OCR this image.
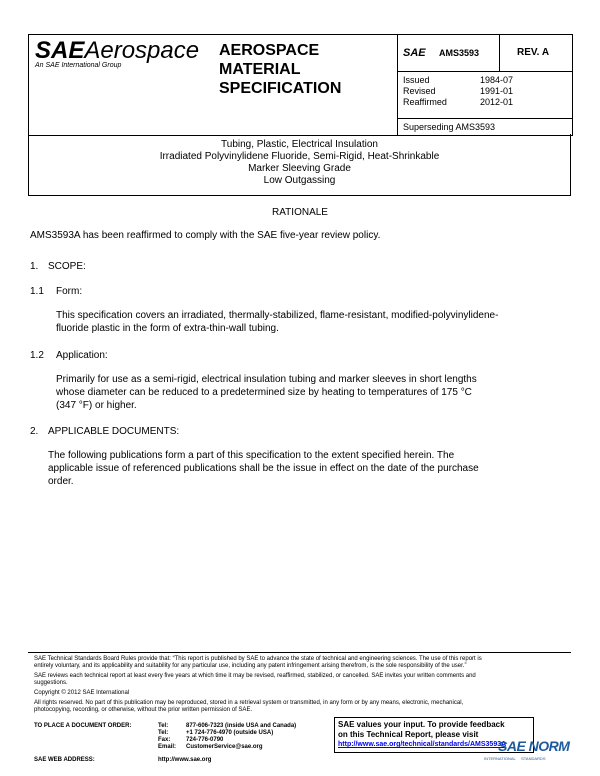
SAEAerospace
An SAE International Group
AEROSPACE
MATERIAL
SPECIFICATION
SAE AMS3593	REV. A
Issued	1984-07
Revised	1991-01
Reaffirmed	2012-01
Superseding AMS3593
Tubing, Plastic, Electrical Insulation
Irradiated Polyvinylidene Fluoride, Semi-Rigid, Heat-Shrinkable
Marker Sleeving Grade
Low Outgassing
RATIONALE
AMS3593A has been reaffirmed to comply with the SAE five-year review policy.
1. SCOPE:
1.1 Form:
This specification covers an irradiated, thermally-stabilized, flame-resistant, modified-polyvinylidene-
fluoride plastic in the form of extra-thin-wall tubing.
1.2 Application:
Primarily for use as a semi-rigid, electrical insulation tubing and marker sleeves in short lengths
whose diameter can be reduced to a predetermined size by heating to temperatures of 175 °C
(347 °F) or higher.
2. APPLICABLE DOCUMENTS:
The following publications form a part of this specification to the extent specified herein. The
applicable issue of referenced publications shall be the issue in effect on the date of the purchase
order.
SAE Technical Standards Board Rules provide that: “This report is published by SAE to advance the state of technical and engineering sciences. The use of this report is
entirely voluntary, and its applicability and suitability for any particular use, including any patent infringement arising therefrom, is the sole responsibility of the user.”
SAE reviews each technical report at least every five years at which time it may be revised, reaffirmed, stabilized, or cancelled. SAE invites your written comments and
suggestions.
Copyright © 2012 SAE International
All rights reserved. No part of this publication may be reproduced, stored in a retrieval system or transmitted, in any form or by any means, electronic, mechanical,
photocopying, recording, or otherwise, without the prior written permission of SAE.
TO PLACE A DOCUMENT ORDER:	Tel:	877-606-7323 (inside USA and Canada)
Tel:	+1 724-776-4970 (outside USA)
Fax:	724-776-0790
Email: CustomerService@sae.org
SAE WEB ADDRESS:	http://www.sae.org
SAE values your input. To provide feedback
on this Technical Report, please visit
http://www.sae.org/technical/standards/AMS3593A
SAE NORM
INTERNATIONAL     STANDARDS
